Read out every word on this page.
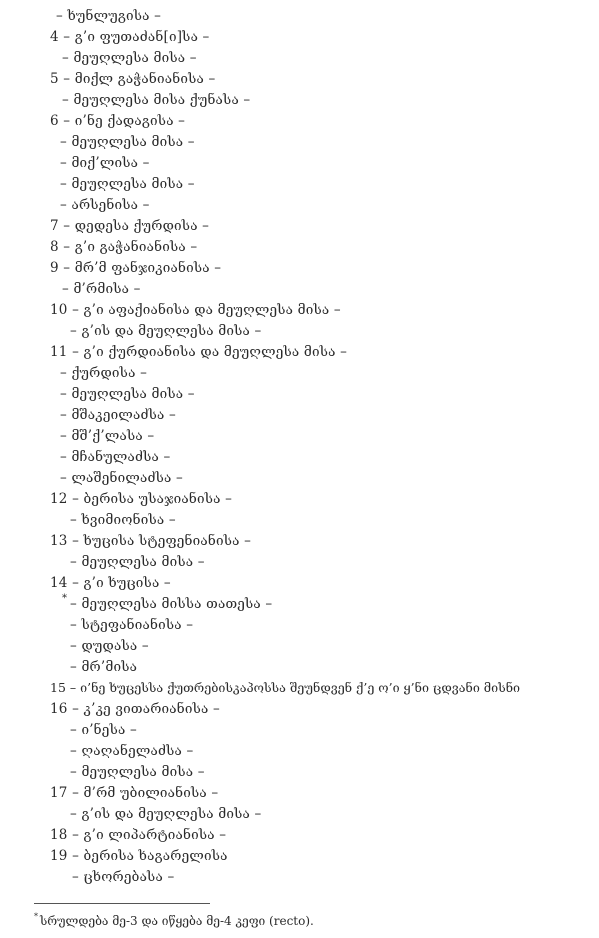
– ხუნლუგისა –
4 – გ’ი ფუთაძან[ი]სა –
– მეუღლესა მისა –
5 – მიქლ გაჭანიანისა –
– მეუღლესა მისა ქუნასა –
6 – ი’ნე ქადაგისა –
– მეუღლესა მისა –
– მიქ’ლისა –
– მეუღლესა მისა –
– არსენისა –
7 – დედესა ქურდისა –
8 – გ’ი გაჭანიანისა –
9 – მრ’მ ფანჯიკიანისა –
– მ’რმისა –
10 – გ’ი აფაქიანისა და მეუღლესა მისა –
– გ’ის და მეუღლესა მისა –
11 – გ’ი ქურდიანისა და მეუღლესა მისა –
– ქურდისა –
– მეუღლესა მისა –
– მშაკეილაძსა –
– მშ’ქ’ლასა –
– მჩანულაძსა –
– ლაშენილაძსა –
12 – ბერისა უსაჯიანისა –
– ხვიმიონისა –
13 – ხუცისა სტეფენიანისა –
– მეუღლესა მისა –
14 – გ’ი ხუცისა –
* – მეუღლესა მისსა თათესა –
– სტეფანიანისა –
– დუდასა –
– მრ’მისა
15 – ი’ნე ხუცესსა ქუთრებისკაპოსსა შეუნდვენ ქ’ე ო’ი ყ’ნი ცდვანი მისნი
16 – კ’კე ვითარიანისა –
– ი’ნესა –
– ღაღანელაძსა –
– მეუღლესა მისა –
17 – მ’რმ უბილიანისა –
– გ’ის და მეუღლესა მისა –
18 – გ’ი ლიპარტიანისა –
19 – ბერისა ხაგარელისა
– ცხორებასა –
* სრულდება მე-3 და იწყება მე-4 კეფი (recto).
